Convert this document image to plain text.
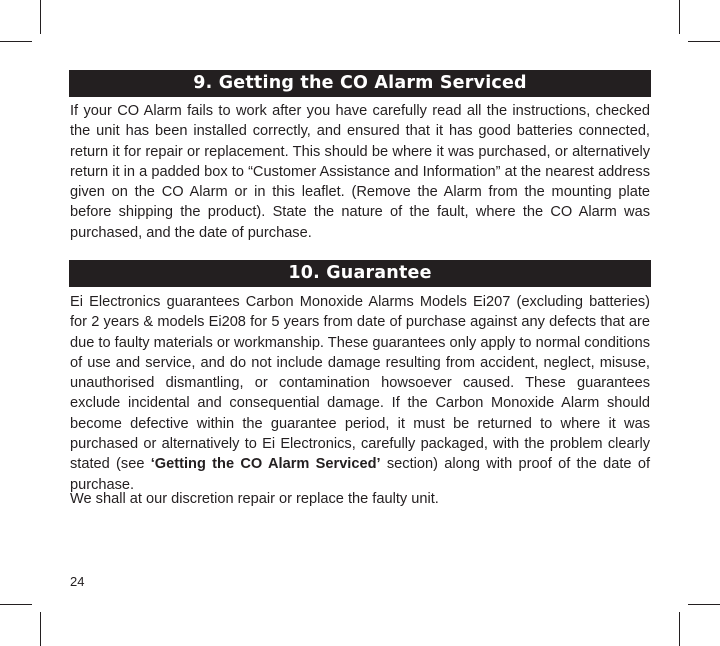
9. Getting the CO Alarm Serviced

If your CO Alarm fails to work after you have carefully read all the instructions, checked the unit has been installed correctly, and ensured that it has good batteries connected, return it for repair or replacement. This should be where it was purchased, or alternatively return it in a padded box to “Customer Assistance and Information” at the nearest address given on the CO Alarm or in this leaflet. (Remove the Alarm from the mounting plate before shipping the product). State the nature of the fault, where the CO Alarm was purchased, and the date of purchase.

10. Guarantee

Ei Electronics guarantees Carbon Monoxide Alarms Models Ei207 (excluding batteries) for 2 years & models Ei208 for 5 years from date of purchase against any defects that are due to faulty materials or workmanship. These guarantees only apply to normal conditions of use and service, and do not include damage resulting from accident, neglect, misuse, unauthorised dismantling, or contamination howsoever caused. These guarantees exclude incidental and consequential damage. If the Carbon Monoxide Alarm should become defective within the guarantee period, it must be returned to where it was purchased or alternatively to Ei Electronics, carefully packaged, with the problem clearly stated (see ‘Getting the CO Alarm Serviced’ section) along with proof of the date of purchase.

We shall at our discretion repair or replace the faulty unit.

24
